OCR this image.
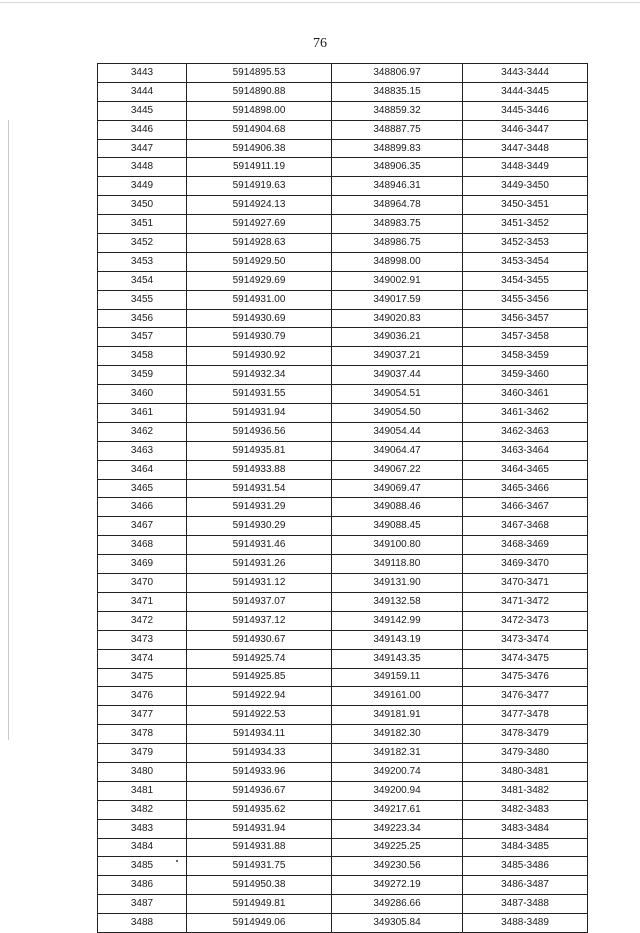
76
3443	5914895.53	348806.97	3443-3444
3444	5914890.88	348835.15	3444-3445
3445	5914898.00	348859.32	3445-3446
3446	5914904.68	348887.75	3446-3447
3447	5914906.38	348899.83	3447-3448
3448	5914911.19	348906.35	3448-3449
3449	5914919.63	348946.31	3449-3450
3450	5914924.13	348964.78	3450-3451
3451	5914927.69	348983.75	3451-3452
3452	5914928.63	348986.75	3452-3453
3453	5914929.50	348998.00	3453-3454
3454	5914929.69	349002.91	3454-3455
3455	5914931.00	349017.59	3455-3456
3456	5914930.69	349020.83	3456-3457
3457	5914930.79	349036.21	3457-3458
3458	5914930.92	349037.21	3458-3459
3459	5914932.34	349037.44	3459-3460
3460	5914931.55	349054.51	3460-3461
3461	5914931.94	349054.50	3461-3462
3462	5914936.56	349054.44	3462-3463
3463	5914935.81	349064.47	3463-3464
3464	5914933.88	349067.22	3464-3465
3465	5914931.54	349069.47	3465-3466
3466	5914931.29	349088.46	3466-3467
3467	5914930.29	349088.45	3467-3468
3468	5914931.46	349100.80	3468-3469
3469	5914931.26	349118.80	3469-3470
3470	5914931.12	349131.90	3470-3471
3471	5914937.07	349132.58	3471-3472
3472	5914937.12	349142.99	3472-3473
3473	5914930.67	349143.19	3473-3474
3474	5914925.74	349143.35	3474-3475
3475	5914925.85	349159.11	3475-3476
3476	5914922.94	349161.00	3476-3477
3477	5914922.53	349181.91	3477-3478
3478	5914934.11	349182.30	3478-3479
3479	5914934.33	349182.31	3479-3480
3480	5914933.96	349200.74	3480-3481
3481	5914936.67	349200.94	3481-3482
3482	5914935.62	349217.61	3482-3483
3483	5914931.94	349223.34	3483-3484
3484	5914931.88	349225.25	3484-3485
3485	5914931.75	349230.56	3485-3486
3486	5914950.38	349272.19	3486-3487
3487	5914949.81	349286.66	3487-3488
3488	5914949.06	349305.84	3488-3489
